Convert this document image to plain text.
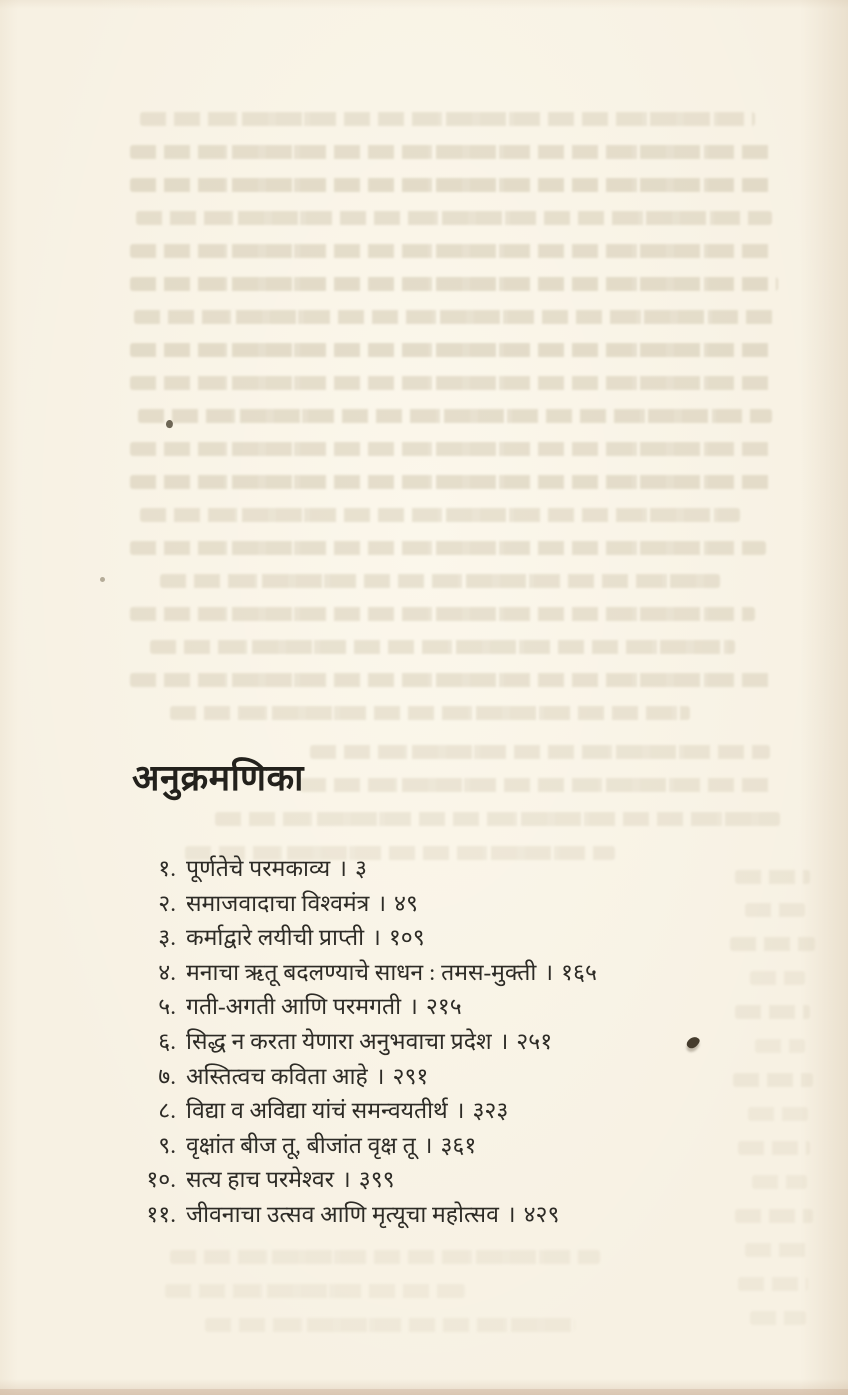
अनुक्रमणिका
१. पूर्णतेचे परमकाव्य । ३
२. समाजवादाचा विश्वमंत्र । ४९
३. कर्माद्वारे लयीची प्राप्ती । १०९
४. मनाचा ऋतू बदलण्याचे साधन : तमस-मुक्ती । १६५
५. गती-अगती आणि परमगती । २१५
६. सिद्ध न करता येणारा अनुभवाचा प्रदेश । २५१
७. अस्तित्वच कविता आहे । २९१
८. विद्या व अविद्या यांचं समन्वयतीर्थ । ३२३
९. वृक्षांत बीज तू, बीजांत वृक्ष तू । ३६१
१०. सत्य हाच परमेश्वर । ३९९
११. जीवनाचा उत्सव आणि मृत्यूचा महोत्सव । ४२९
